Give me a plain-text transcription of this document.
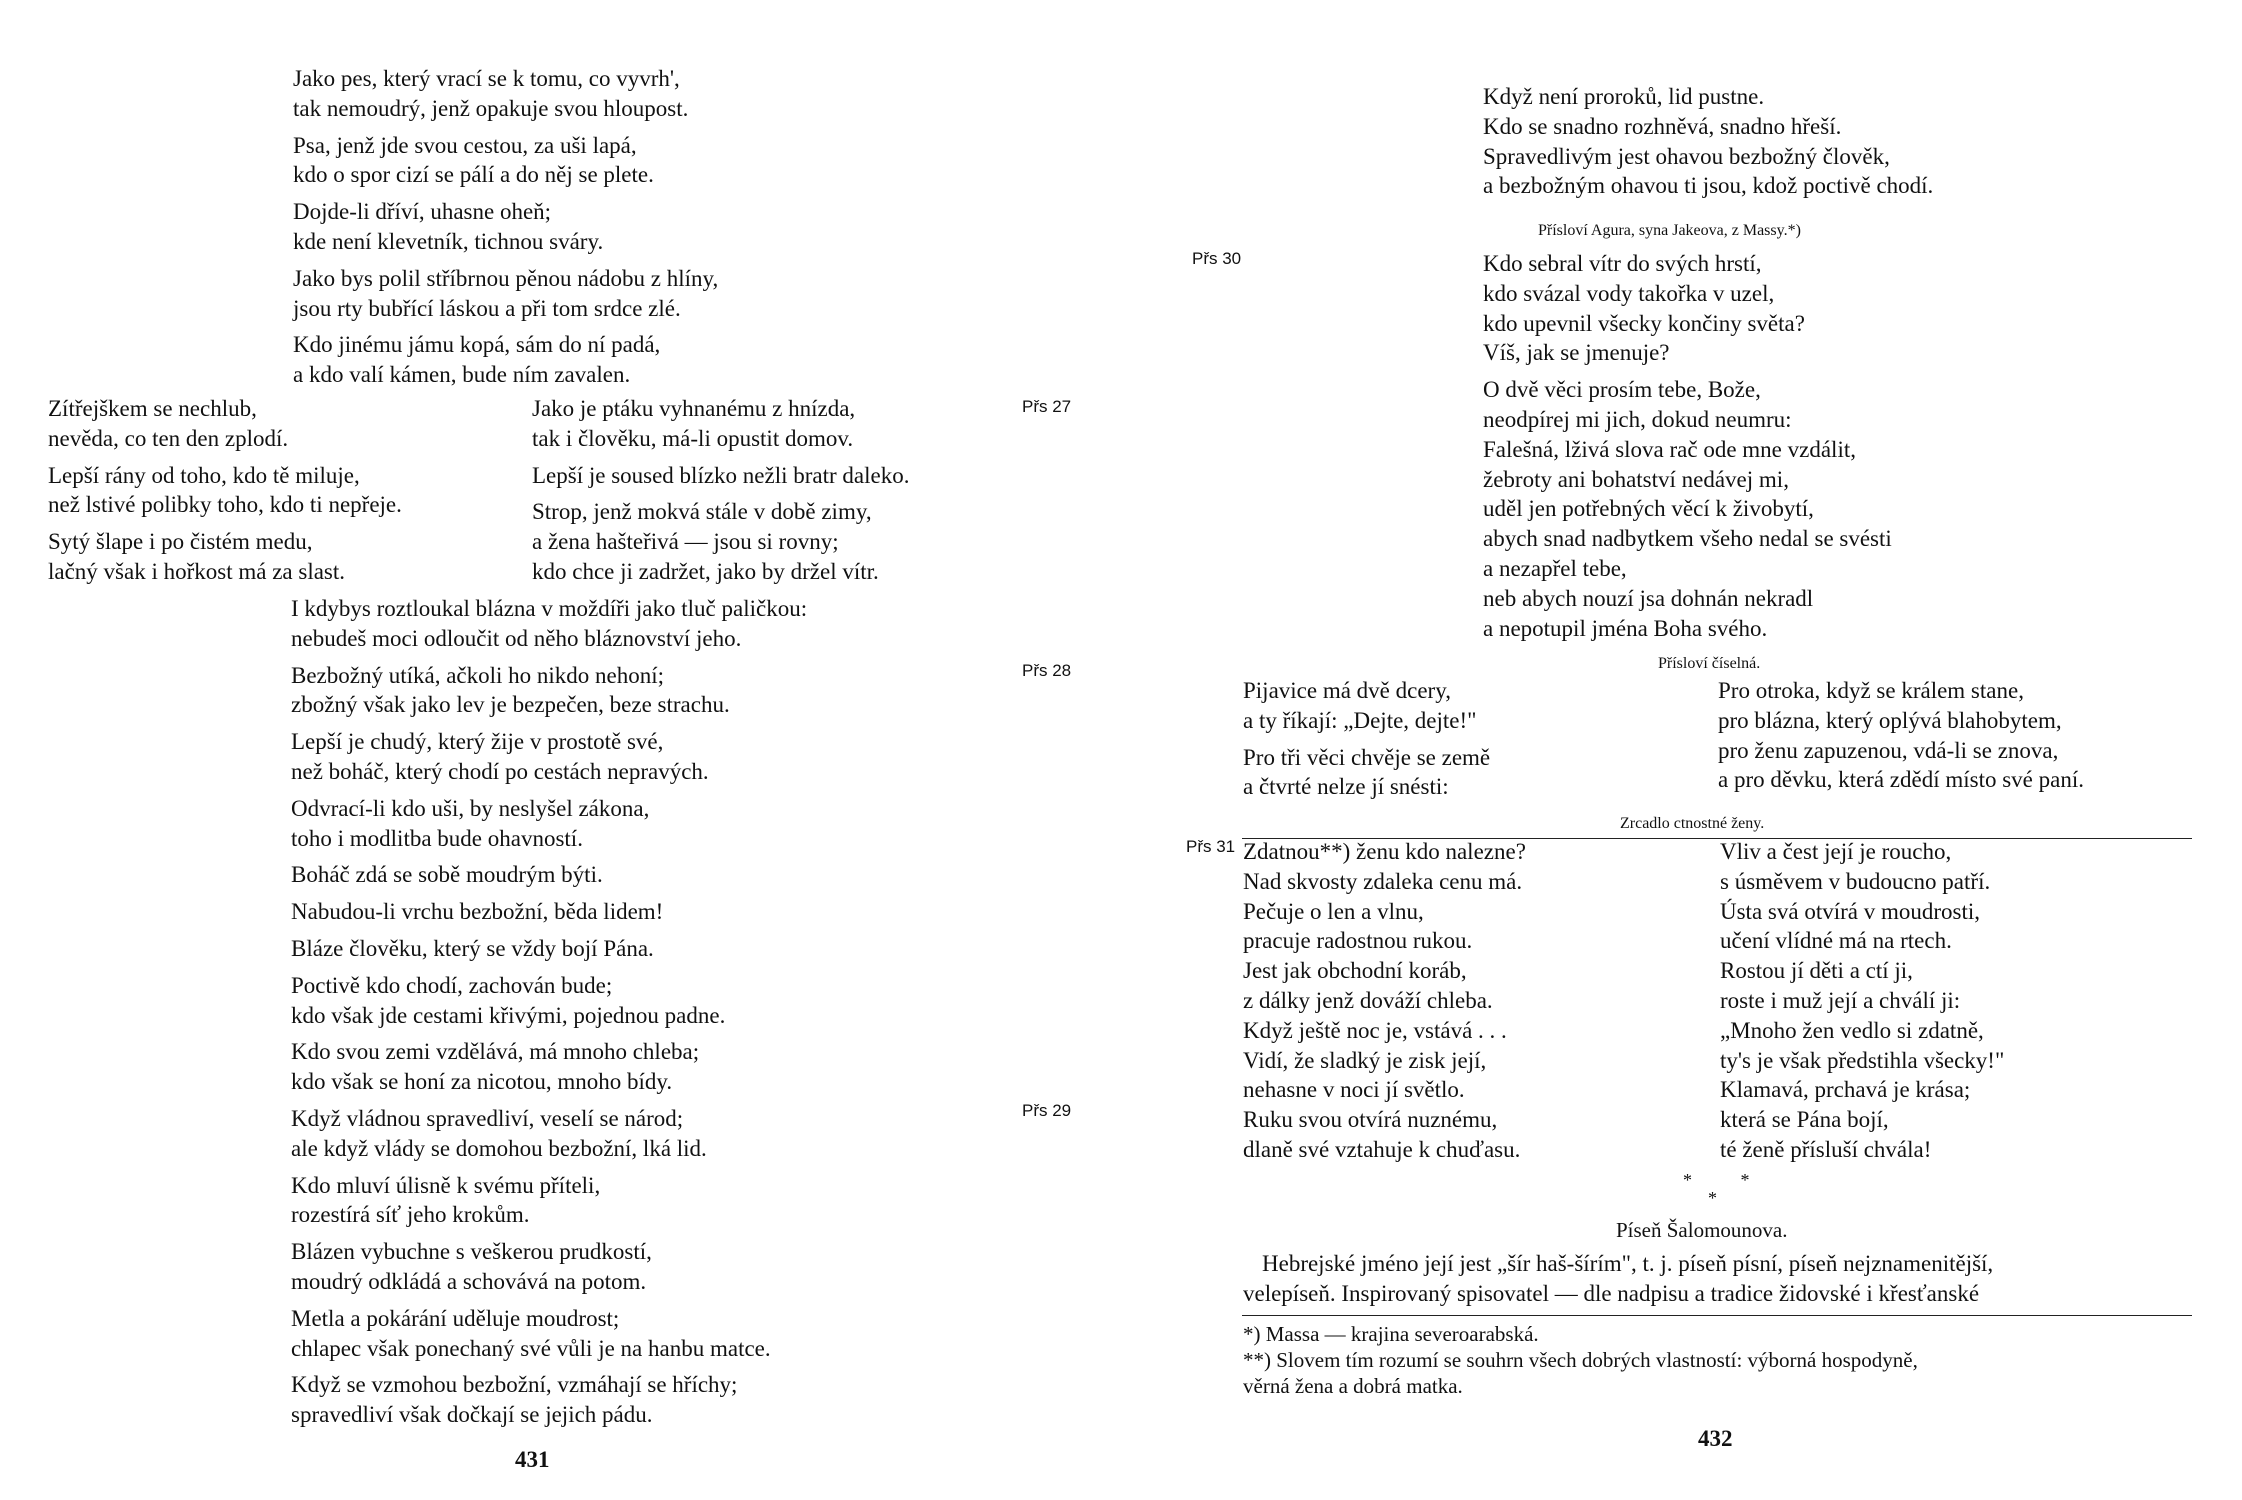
Jako pes, který vrací se k tomu, co vyvrh',
tak nemoudrý, jenž opakuje svou hloupost.
Psa, jenž jde svou cestou, za uši lapá,
kdo o spor cizí se pálí a do něj se plete.
Dojde-li dříví, uhasne oheň;
kde není klevetník, tichnou sváry.
Jako bys polil stříbrnou pěnou nádobu z hlíny,
jsou rty bubřící láskou a při tom srdce zlé.
Kdo jinému jámu kopá, sám do ní padá,
a kdo valí kámen, bude ním zavalen.
Zítřejškem se nechlub,
nevěda, co ten den zplodí.
Lepší rány od toho, kdo tě miluje,
než lstivé polibky toho, kdo ti nepřeje.
Sytý šlape i po čistém medu,
lačný však i hořkost má za slast.
Jako je ptáku vyhnanému z hnízda,
tak i člověku, má-li opustit domov.
Lepší je soused blízko nežli bratr daleko.
Strop, jenž mokvá stále v době zimy,
a žena hašteřivá — jsou si rovny;
kdo chce ji zadržet, jako by držel vítr.
Přs 27
I kdybys roztloukal blázna v moždíři jako tluč paličkou:
nebudeš moci odloučit od něho bláznovství jeho.
Bezbožný utíká, ačkoli ho nikdo nehoní;
zbožný však jako lev je bezpečen, beze strachu.
Lepší je chudý, který žije v prostotě své,
než boháč, který chodí po cestách nepravých.
Odvrací-li kdo uši, by neslyšel zákona,
toho i modlitba bude ohavností.
Boháč zdá se sobě moudrým býti.
Nabudou-li vrchu bezbožní, běda lidem!
Bláze člověku, který se vždy bojí Pána.
Poctivě kdo chodí, zachován bude;
kdo však jde cestami křivými, pojednou padne.
Kdo svou zemi vzdělává, má mnoho chleba;
kdo však se honí za nicotou, mnoho bídy.
Když vládnou spravedliví, veselí se národ;
ale když vlády se domohou bezbožní, lká lid.
Kdo mluví úlisně k svému příteli,
rozestírá síť jeho krokům.
Blázen vybuchne s veškerou prudkostí,
moudrý odkládá a schovává na potom.
Metla a pokárání uděluje moudrost;
chlapec však ponechaný své vůli je na hanbu matce.
Když se vzmohou bezbožní, vzmáhají se hříchy;
spravedliví však dočkají se jejich pádu.
Přs 28
Přs 29
431
Když není proroků, lid pustne.
Kdo se snadno rozhněvá, snadno hřeší.
Spravedlivým jest ohavou bezbožný člověk,
a bezbožným ohavou ti jsou, kdož poctivě chodí.
Přísloví Agura, syna Jakeova, z Massy.*)
Přs 30	Kdo sebral vítr do svých hrstí,
kdo svázal vody takořka v uzel,
kdo upevnil všecky končiny světa?
Víš, jak se jmenuje?
O dvě věci prosím tebe, Bože,
neodpírej mi jich, dokud neumru:
Falešná, lživá slova rač ode mne vzdálit,
žebroty ani bohatství nedávej mi,
uděl jen potřebných věcí k živobytí,
abych snad nadbytkem všeho nedal se svésti
a nezapřel tebe,
neb abych nouzí jsa dohnán nekradl
a nepotupil jména Boha svého.
Přísloví číselná.
Pijavice má dvě dcery,
a ty říkají: „Dejte, dejte!"
Pro tři věci chvěje se země
a čtvrté nelze jí snésti:
Pro otroka, když se králem stane,
pro blázna, který oplývá blahobytem,
pro ženu zapuzenou, vdá-li se znova,
a pro děvku, která zdědí místo své paní.
Zrcadlo ctnostné ženy.
Přs 31 Zdatnou**) ženu kdo nalezne?
Nad skvosty zdaleka cenu má.
Pečuje o len a vlnu,
pracuje radostnou rukou.
Jest jak obchodní koráb,
z dálky jenž dováží chleba.
Když ještě noc je, vstává . . .
Vidí, že sladký je zisk její,
nehasne v noci jí světlo.
Ruku svou otvírá nuznému,
dlaně své vztahuje k chuďasu.
Vliv a čest její je roucho,
s úsměvem v budoucno patří.
Ústa svá otvírá v moudrosti,
učení vlídné má na rtech.
Rostou jí děti a ctí ji,
roste i muž její a chválí ji:
„Mnoho žen vedlo si zdatně,
ty's je však předstihla všecky!"
Klamavá, prchavá je krása;
která se Pána bojí,
té ženě přísluší chvála!
* *
*
Píseň Šalomounova.
Hebrejské jméno její jest „šír haš-šírím", t. j. píseň písní, píseň nejznamenitější,
velepíseň. Inspirovaný spisovatel — dle nadpisu a tradice židovské i křesťanské
*) Massa — krajina severoarabská.
**) Slovem tím rozumí se souhrn všech dobrých vlastností: výborná hospodyně,
věrná žena a dobrá matka.
432
